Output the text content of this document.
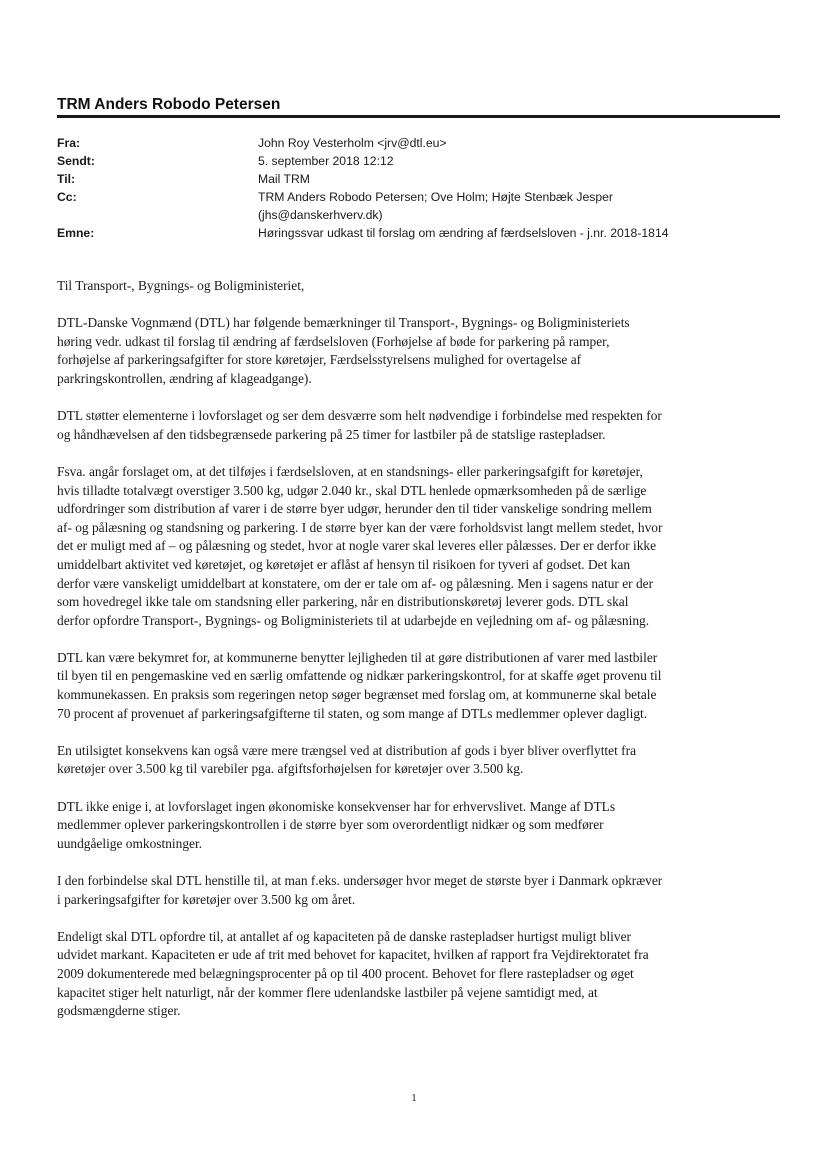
TRM Anders Robodo Petersen
Fra:	John Roy Vesterholm <jrv@dtl.eu>
Sendt:	5. september 2018 12:12
Til:	Mail TRM
Cc:	TRM Anders Robodo Petersen; Ove Holm; Højte Stenbæk Jesper
(jhs@danskerhverv.dk)
Emne:	Høringssvar udkast til forslag om ændring af færdselsloven - j.nr. 2018-1814

Til Transport-, Bygnings- og Boligministeriet,

DTL-Danske Vognmænd (DTL) har følgende bemærkninger til Transport-, Bygnings- og Boligministeriets
høring vedr. udkast til forslag til ændring af færdselsloven (Forhøjelse af bøde for parkering på ramper,
forhøjelse af parkeringsafgifter for store køretøjer, Færdselsstyrelsens mulighed for overtagelse af
parkringskontrollen, ændring af klageadgange).

DTL støtter elementerne i lovforslaget og ser dem desværre som helt nødvendige i forbindelse med respekten for
og håndhævelsen af den tidsbegrænsede parkering på 25 timer for lastbiler på de statslige rastepladser.

Fsva. angår forslaget om, at det tilføjes i færdselsloven, at en standsnings- eller parkeringsafgift for køretøjer,
hvis tilladte totalvægt overstiger 3.500 kg, udgør 2.040 kr., skal DTL henlede opmærksomheden på de særlige
udfordringer som distribution af varer i de større byer udgør, herunder den til tider vanskelige sondring mellem
af- og pålæsning og standsning og parkering. I de større byer kan der være forholdsvist langt mellem stedet, hvor
det er muligt med af – og pålæsning og stedet, hvor at nogle varer skal leveres eller pålæsses. Der er derfor ikke
umiddelbart aktivitet ved køretøjet, og køretøjet er aflåst af hensyn til risikoen for tyveri af godset. Det kan
derfor være vanskeligt umiddelbart at konstatere, om der er tale om af- og pålæsning. Men i sagens natur er der
som hovedregel ikke tale om standsning eller parkering, når en distributionskøretøj leverer gods. DTL skal
derfor opfordre Transport-, Bygnings- og Boligministeriets til at udarbejde en vejledning om af- og pålæsning.

DTL kan være bekymret for, at kommunerne benytter lejligheden til at gøre distributionen af varer med lastbiler
til byen til en pengemaskine ved en særlig omfattende og nidkær parkeringskontrol, for at skaffe øget provenu til
kommunekassen. En praksis som regeringen netop søger begrænset med forslag om, at kommunerne skal betale
70 procent af provenuet af parkeringsafgifterne til staten, og som mange af DTLs medlemmer oplever dagligt.

En utilsigtet konsekvens kan også være mere trængsel ved at distribution af gods i byer bliver overflyttet fra
køretøjer over 3.500 kg til varebiler pga. afgiftsforhøjelsen for køretøjer over 3.500 kg.

DTL ikke enige i, at lovforslaget ingen økonomiske konsekvenser har for erhvervslivet. Mange af DTLs
medlemmer oplever parkeringskontrollen i de større byer som overordentligt nidkær og som medfører
uundgåelige omkostninger.

I den forbindelse skal DTL henstille til, at man f.eks. undersøger hvor meget de største byer i Danmark opkræver
i parkeringsafgifter for køretøjer over 3.500 kg om året.

Endeligt skal DTL opfordre til, at antallet af og kapaciteten på de danske rastepladser hurtigst muligt bliver
udvidet markant. Kapaciteten er ude af trit med behovet for kapacitet, hvilken af rapport fra Vejdirektoratet fra
2009 dokumenterede med belægningsprocenter på op til 400 procent. Behovet for flere rastepladser og øget
kapacitet stiger helt naturligt, når der kommer flere udenlandske lastbiler på vejene samtidigt med, at
godsmængderne stiger.

1
